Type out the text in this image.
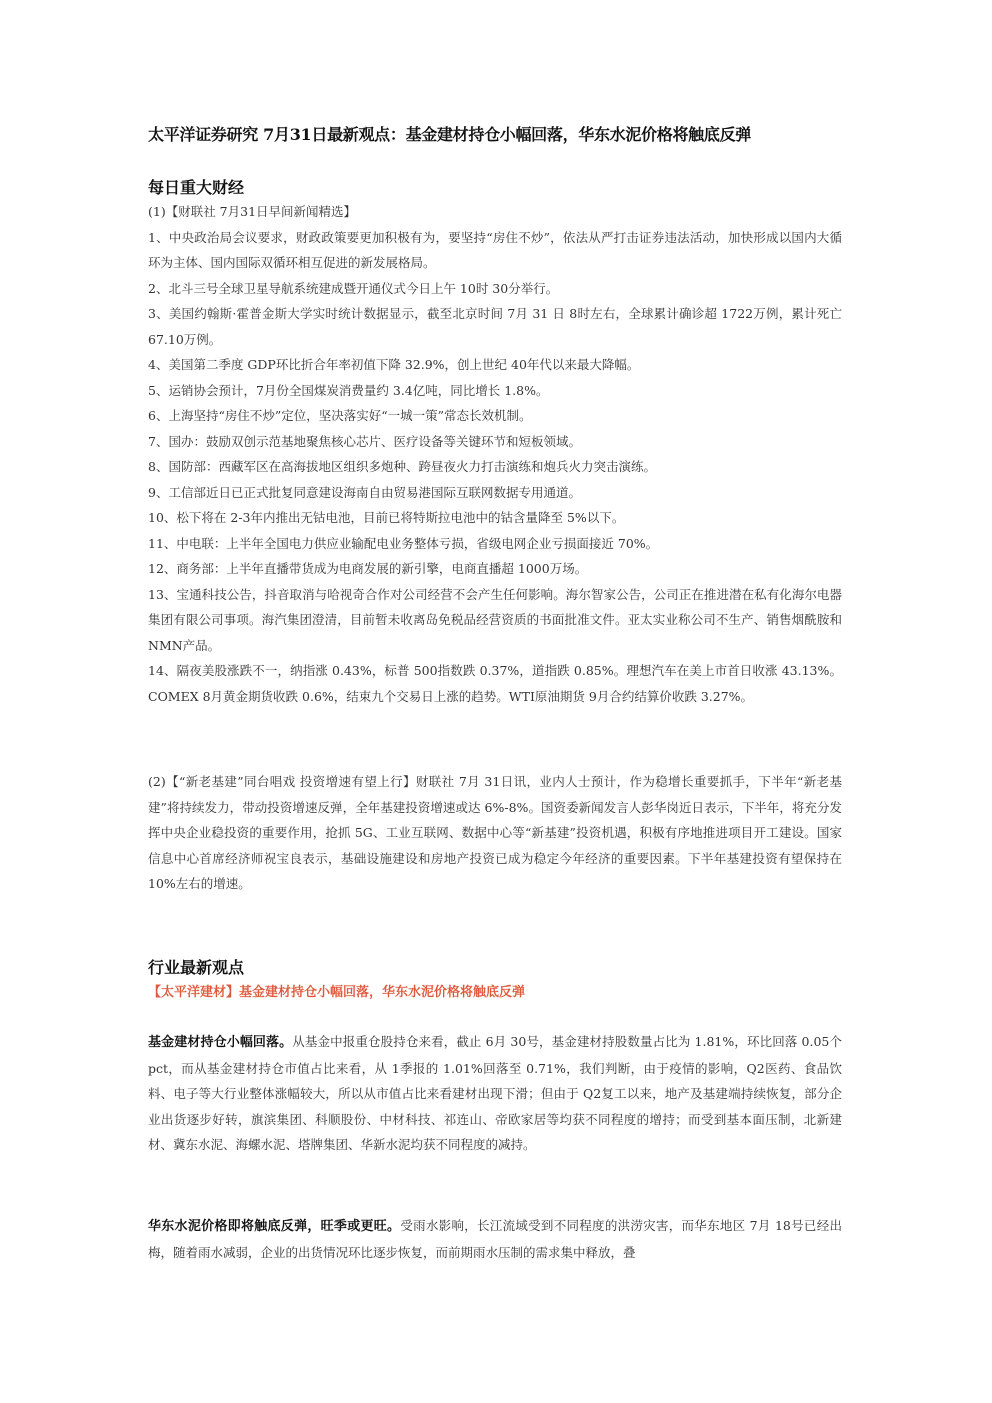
太平洋证券研究 7月31日最新观点：基金建材持仓小幅回落，华东水泥价格将触底反弹
每日重大财经

(1)【财联社 7月31日早间新闻精选】

1、中央政治局会议要求，财政政策要更加积极有为，要坚持“房住不炒”，依法从严打击证券违法活动，加快形成以国内大循环为主体、国内国际双循环相互促进的新发展格局。

2、北斗三号全球卫星导航系统建成暨开通仪式今日上午 10时 30分举行。

3、美国约翰斯·霍普金斯大学实时统计数据显示，截至北京时间 7月 31 日 8时左右，全球累计确诊超 1722万例，累计死亡 67.10万例。

4、美国第二季度 GDP环比折合年率初值下降 32.9%，创上世纪 40年代以来最大降幅。

5、运销协会预计，7月份全国煤炭消费量约 3.4亿吨，同比增长 1.8%。

6、上海坚持“房住不炒”定位，坚决落实好“一城一策”常态长效机制。

7、国办：鼓励双创示范基地聚焦核心芯片、医疗设备等关键环节和短板领域。

8、国防部：西藏军区在高海拔地区组织多炮种、跨昼夜火力打击演练和炮兵火力突击演练。

9、工信部近日已正式批复同意建设海南自由贸易港国际互联网数据专用通道。

10、松下将在 2-3年内推出无钴电池，目前已将特斯拉电池中的钴含量降至 5%以下。

11、中电联：上半年全国电力供应业输配电业务整体亏损，省级电网企业亏损面接近 70%。

12、商务部：上半年直播带货成为电商发展的新引擎，电商直播超 1000万场。

13、宝通科技公告，抖音取消与哈视奇合作对公司经营不会产生任何影响。海尔智家公告，公司正在推进潜在私有化海尔电器集团有限公司事项。海汽集团澄清，目前暂未收离岛免税品经营资质的书面批准文件。亚太实业称公司不生产、销售烟酰胺和 NMN产品。

14、隔夜美股涨跌不一，纳指涨 0.43%，标普 500指数跌 0.37%，道指跌 0.85%。理想汽车在美上市首日收涨 43.13%。COMEX 8月黄金期货收跌 0.6%，结束九个交易日上涨的趋势。WTI原油期货 9月合约结算价收跌 3.27%。

(2)【“新老基建”同台唱戏 投资增速有望上行】财联社 7月 31日讯，业内人士预计，作为稳增长重要抓手，下半年“新老基建”将持续发力，带动投资增速反弹，全年基建投资增速或达 6%-8%。国资委新闻发言人彭华岗近日表示，下半年，将充分发挥中央企业稳投资的重要作用，抢抓 5G、工业互联网、数据中心等“新基建”投资机遇，积极有序地推进项目开工建设。国家信息中心首席经济师祝宝良表示，基础设施建设和房地产投资已成为稳定今年经济的重要因素。下半年基建投资有望保持在 10%左右的增速。

行业最新观点
【太平洋建材】基金建材持仓小幅回落，华东水泥价格将触底反弹

基金建材持仓小幅回落。从基金中报重仓股持仓来看，截止 6月 30号，基金建材持股数量占比为 1.81%，环比回落 0.05个 pct，而从基金建材持仓市值占比来看，从 1季报的 1.01%回落至 0.71%，我们判断，由于疫情的影响，Q2医药、食品饮料、电子等大行业整体涨幅较大，所以从市值占比来看建材出现下滑；但由于 Q2复工以来，地产及基建端持续恢复，部分企业出货逐步好转，旗滨集团、科顺股份、中材科技、祁连山、帝欧家居等均获不同程度的增持；而受到基本面压制，北新建材、冀东水泥、海螺水泥、塔牌集团、华新水泥均获不同程度的减持。

华东水泥价格即将触底反弹，旺季或更旺。受雨水影响，长江流域受到不同程度的洪涝灾害，而华东地区 7月 18号已经出梅，随着雨水减弱，企业的出货情况环比逐步恢复，而前期雨水压制的需求集中释放，叠
